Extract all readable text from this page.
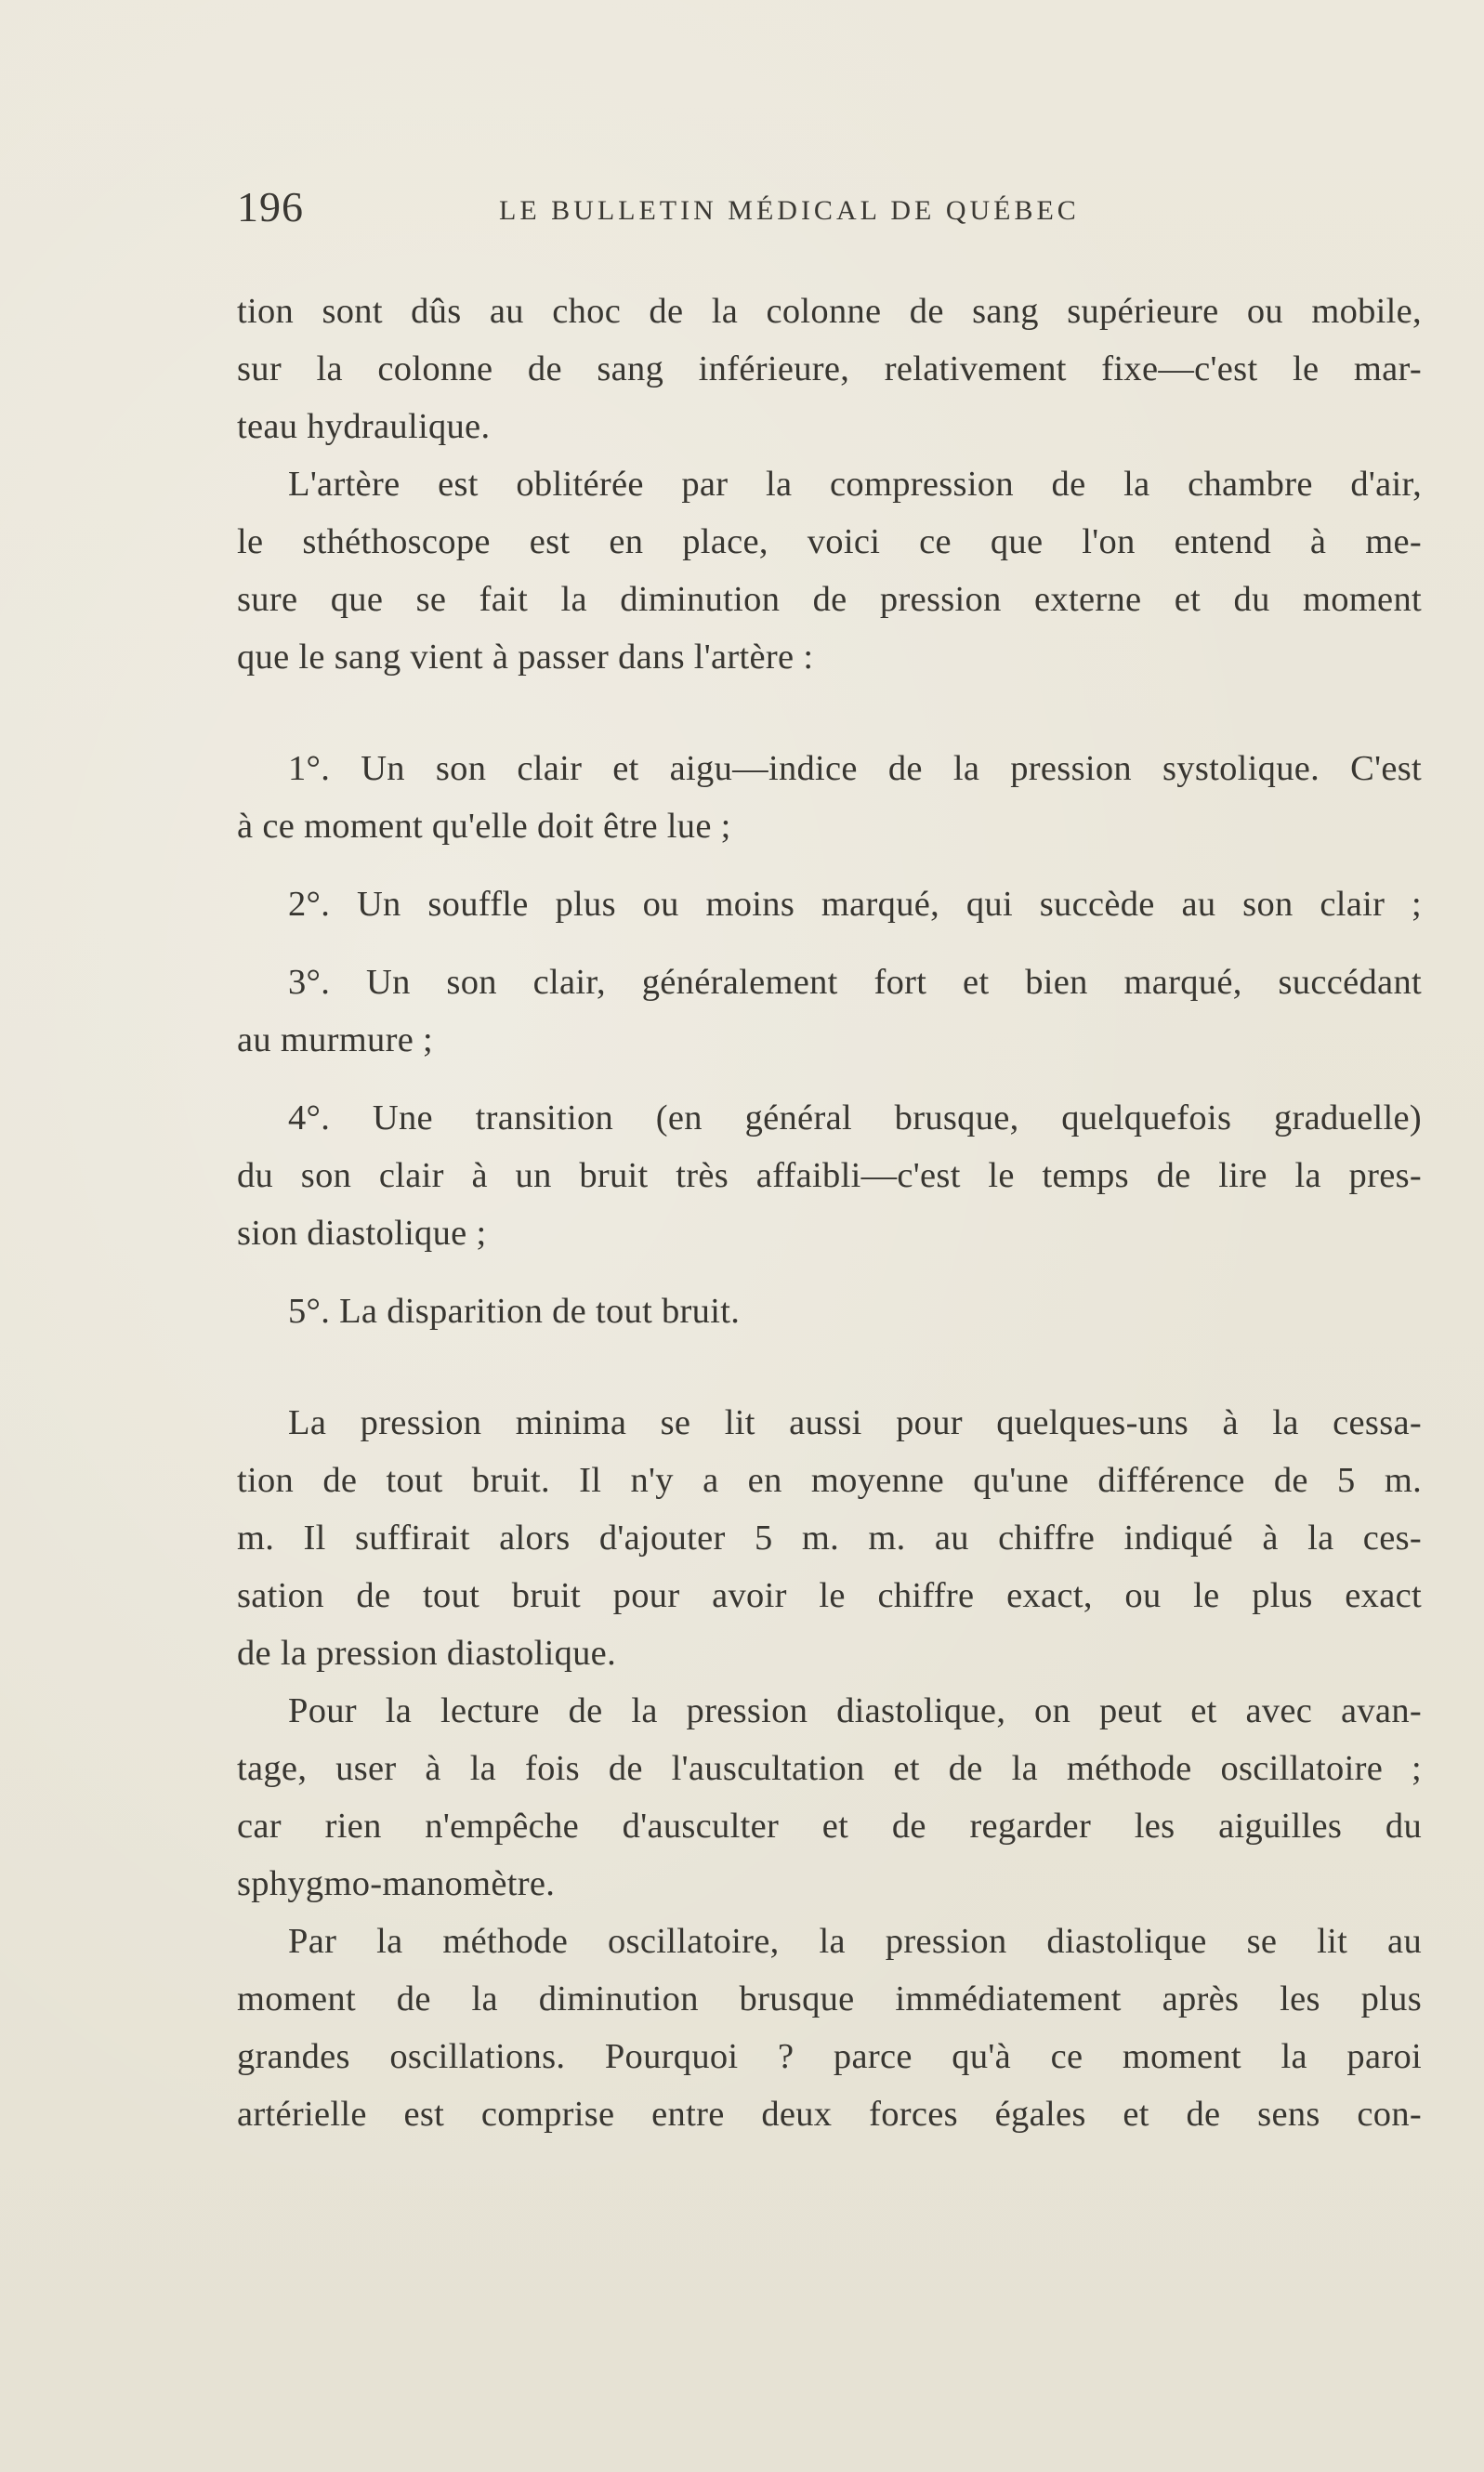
196	LE BULLETIN MÉDICAL DE QUÉBEC
tion sont dûs au choc de la colonne de sang supérieure ou mobile,
sur la colonne de sang inférieure, relativement fixe—c'est le mar-
teau hydraulique.
L'artère est oblitérée par la compression de la chambre d'air,
le sthéthoscope est en place, voici ce que l'on entend à me-
sure que se fait la diminution de pression externe et du moment
que le sang vient à passer dans l'artère :
1°. Un son clair et aigu—indice de la pression systolique. C'est
à ce moment qu'elle doit être lue ;
2°. Un souffle plus ou moins marqué, qui succède au son clair ;
3°. Un son clair, généralement fort et bien marqué, succédant
au murmure ;
4°. Une transition (en général brusque, quelquefois graduelle)
du son clair à un bruit très affaibli—c'est le temps de lire la pres-
sion diastolique ;
5°. La disparition de tout bruit.
La pression minima se lit aussi pour quelques-uns à la cessa-
tion de tout bruit. Il n'y a en moyenne qu'une différence de 5 m.
m. Il suffirait alors d'ajouter 5 m. m. au chiffre indiqué à la ces-
sation de tout bruit pour avoir le chiffre exact, ou le plus exact
de la pression diastolique.
Pour la lecture de la pression diastolique, on peut et avec avan-
tage, user à la fois de l'auscultation et de la méthode oscillatoire ;
car rien n'empêche d'ausculter et de regarder les aiguilles du
sphygmo-manomètre.
Par la méthode oscillatoire, la pression diastolique se lit au
moment de la diminution brusque immédiatement après les plus
grandes oscillations. Pourquoi ? parce qu'à ce moment la paroi
artérielle est comprise entre deux forces égales et de sens con-
